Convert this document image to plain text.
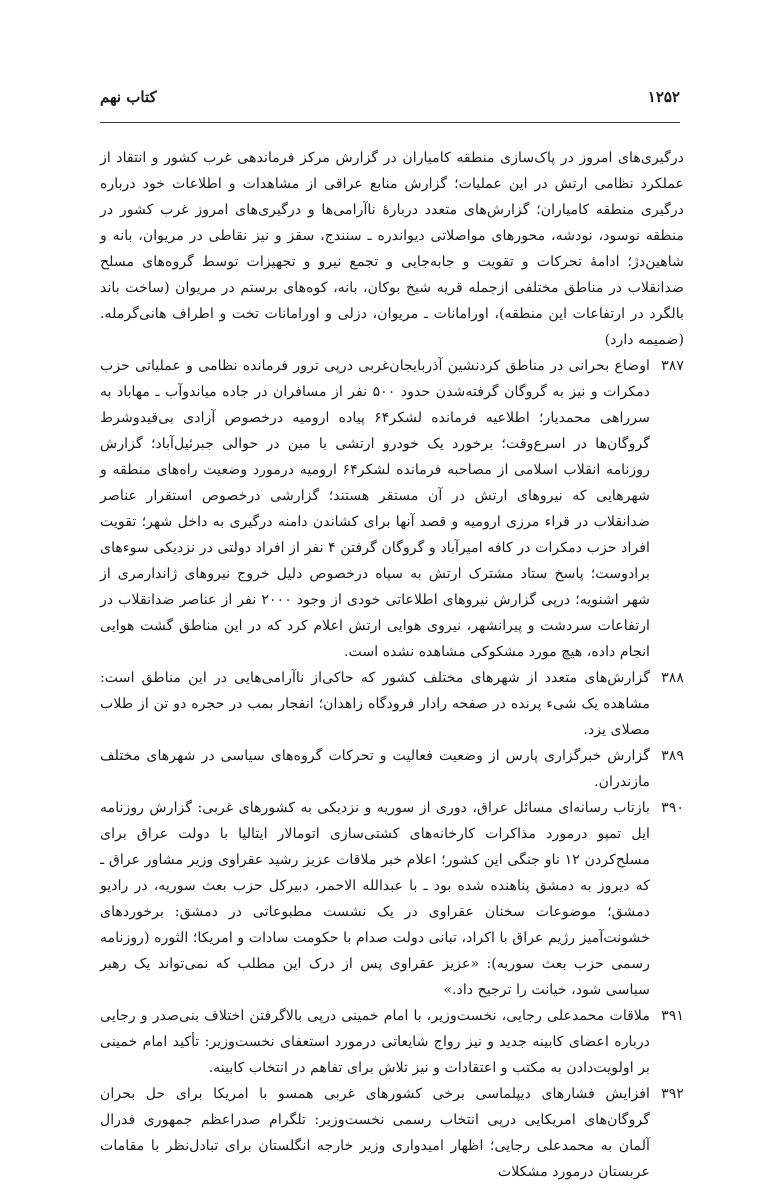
۱۲۵۲
کتاب نهم

درگیری‌های امروز در پاک‌سازی منطقه کامیاران در گزارش مرکز فرماندهی غرب کشور و انتقاد از عملکرد نظامی ارتش در این عملیات؛ گزارش منابع عراقی از مشاهدات و اطلاعات خود درباره درگیری منطقه کامیاران؛ گزارش‌های متعدد دربارهٔ ناآرامی‌ها و درگیری‌های امروز غرب کشور در منطقه نوسود، نودشه، محورهای مواصلاتی دیواندره ـ سنندج، سقز و نیز نقاطی در مریوان، بانه و شاهین‌دژ؛ ادامهٔ تحرکات و تقویت و جابه‌جایی و تجمع نیرو و تجهیزات توسط گروه‌های مسلح ضدانقلاب در مناطق مختلفی ازجمله قریه شیخ بوکان، بانه، کوه‌های برستم در مریوان (ساخت باند بالگرد در ارتفاعات این منطقه)، اورامانات ـ مریوان، دزلی و اورامانات تخت و اطراف هانی‌گرمله. (ضمیمه دارد)

۳۸۷
اوضاع بحرانی در مناطق کردنشین آذربایجان‌غربی درپی ترور فرمانده نظامی و عملیاتی حزب دمکرات و نیز به گروگان گرفته‌شدن حدود ۵۰۰ نفر از مسافران در جاده میاندوآب ـ مهاباد به سرراهی محمدیار؛ اطلاعیه فرمانده لشکر۶۴ پیاده ارومیه درخصوص آزادی بی‌قیدوشرط گروگان‌ها در اسرع‌وقت؛ برخورد یک خودرو ارتشی با مین در حوالی جبرئیل‌آباد؛ گزارش روزنامه انقلاب اسلامی از مصاحبه فرمانده لشکر۶۴ ارومیه درمورد وضعیت راه‌های منطقه و شهرهایی که نیروهای ارتش در آن مستقر هستند؛ گزارشی درخصوص استقرار عناصر ضدانقلاب در قراء مرزی ارومیه و قصد آنها برای کشاندن دامنه درگیری به داخل شهر؛ تقویت افراد حزب دمکرات در کافه امیرآباد و گروگان گرفتن ۴ نفر از افراد دولتی در نزدیکی سوءهای برادوست؛ پاسخ ستاد مشترک ارتش به سپاه درخصوص دلیل خروج نیروهای ژاندارمری از شهر اشنویه؛ درپی گزارش نیروهای اطلاعاتی خودی از وجود ۲۰۰۰ نفر از عناصر ضدانقلاب در ارتفاعات سردشت و پیرانشهر، نیروی هوایی ارتش اعلام کرد که در این مناطق گشت هوایی انجام داده، هیچ مورد مشکوکی مشاهده نشده است.

۳۸۸
گزارش‌های متعدد از شهرهای مختلف کشور که حاکی‌از ناآرامی‌هایی در این مناطق است: مشاهده یک شیء پرنده در صفحه رادار فرودگاه زاهدان؛ انفجار بمب در حجره دو تن از طلاب مصلای یزد.

۳۸۹
گزارش خبرگزاری پارس از وضعیت فعالیت و تحرکات گروه‌های سیاسی در شهرهای مختلف مازندران.

۳۹۰
بازتاب رسانه‌ای مسائل عراق، دوری از سوریه و نزدیکی به کشورهای غربی: گزارش روزنامه ایل تمپو درمورد مذاکرات کارخانه‌های کشتی‌سازی اتومالار ایتالیا با دولت عراق برای مسلح‌کردن ۱۲ ناو جنگی این کشور؛ اعلام خبر ملاقات عزیز رشید عقراوی وزیر مشاور عراق ـ که دیروز به دمشق پناهنده شده بود ـ با عبدالله الاحمر، دبیرکل حزب بعث سوریه، در رادیو دمشق؛ موضوعات سخنان عقراوی در یک نشست مطبوعاتی در دمشق: برخوردهای خشونت‌آمیز رژیم عراق با اکراد، تبانی دولت صدام با حکومت سادات و امریکا؛ الثوره (روزنامه رسمی حزب بعث سوریه): «عزیز عقراوی پس از درک این مطلب که نمی‌تواند یک رهبر سیاسی شود، خیانت را ترجیح داد.»

۳۹۱
ملاقات محمدعلی رجایی، نخست‌وزیر، با امام خمینی درپی بالاگرفتن اختلاف بنی‌صدر و رجایی درباره اعضای کابینه جدید و نیز رواج شایعاتی درمورد استعفای نخست‌وزیر: تأکید امام خمینی بر اولویت‌دادن به مکتب و اعتقادات و نیز تلاش برای تفاهم در انتخاب کابینه.

۳۹۲
افزایش فشارهای دیپلماسی برخی کشورهای غربی همسو با امریکا برای حل بحران گروگان‌های امریکایی درپی انتخاب رسمی نخست‌وزیر: تلگرام صدراعظم جمهوری فدرال آلمان به محمدعلی رجایی؛ اظهار امیدواری وزیر خارجه انگلستان برای تبادل‌نظر با مقامات عربستان درمورد مشکلات
